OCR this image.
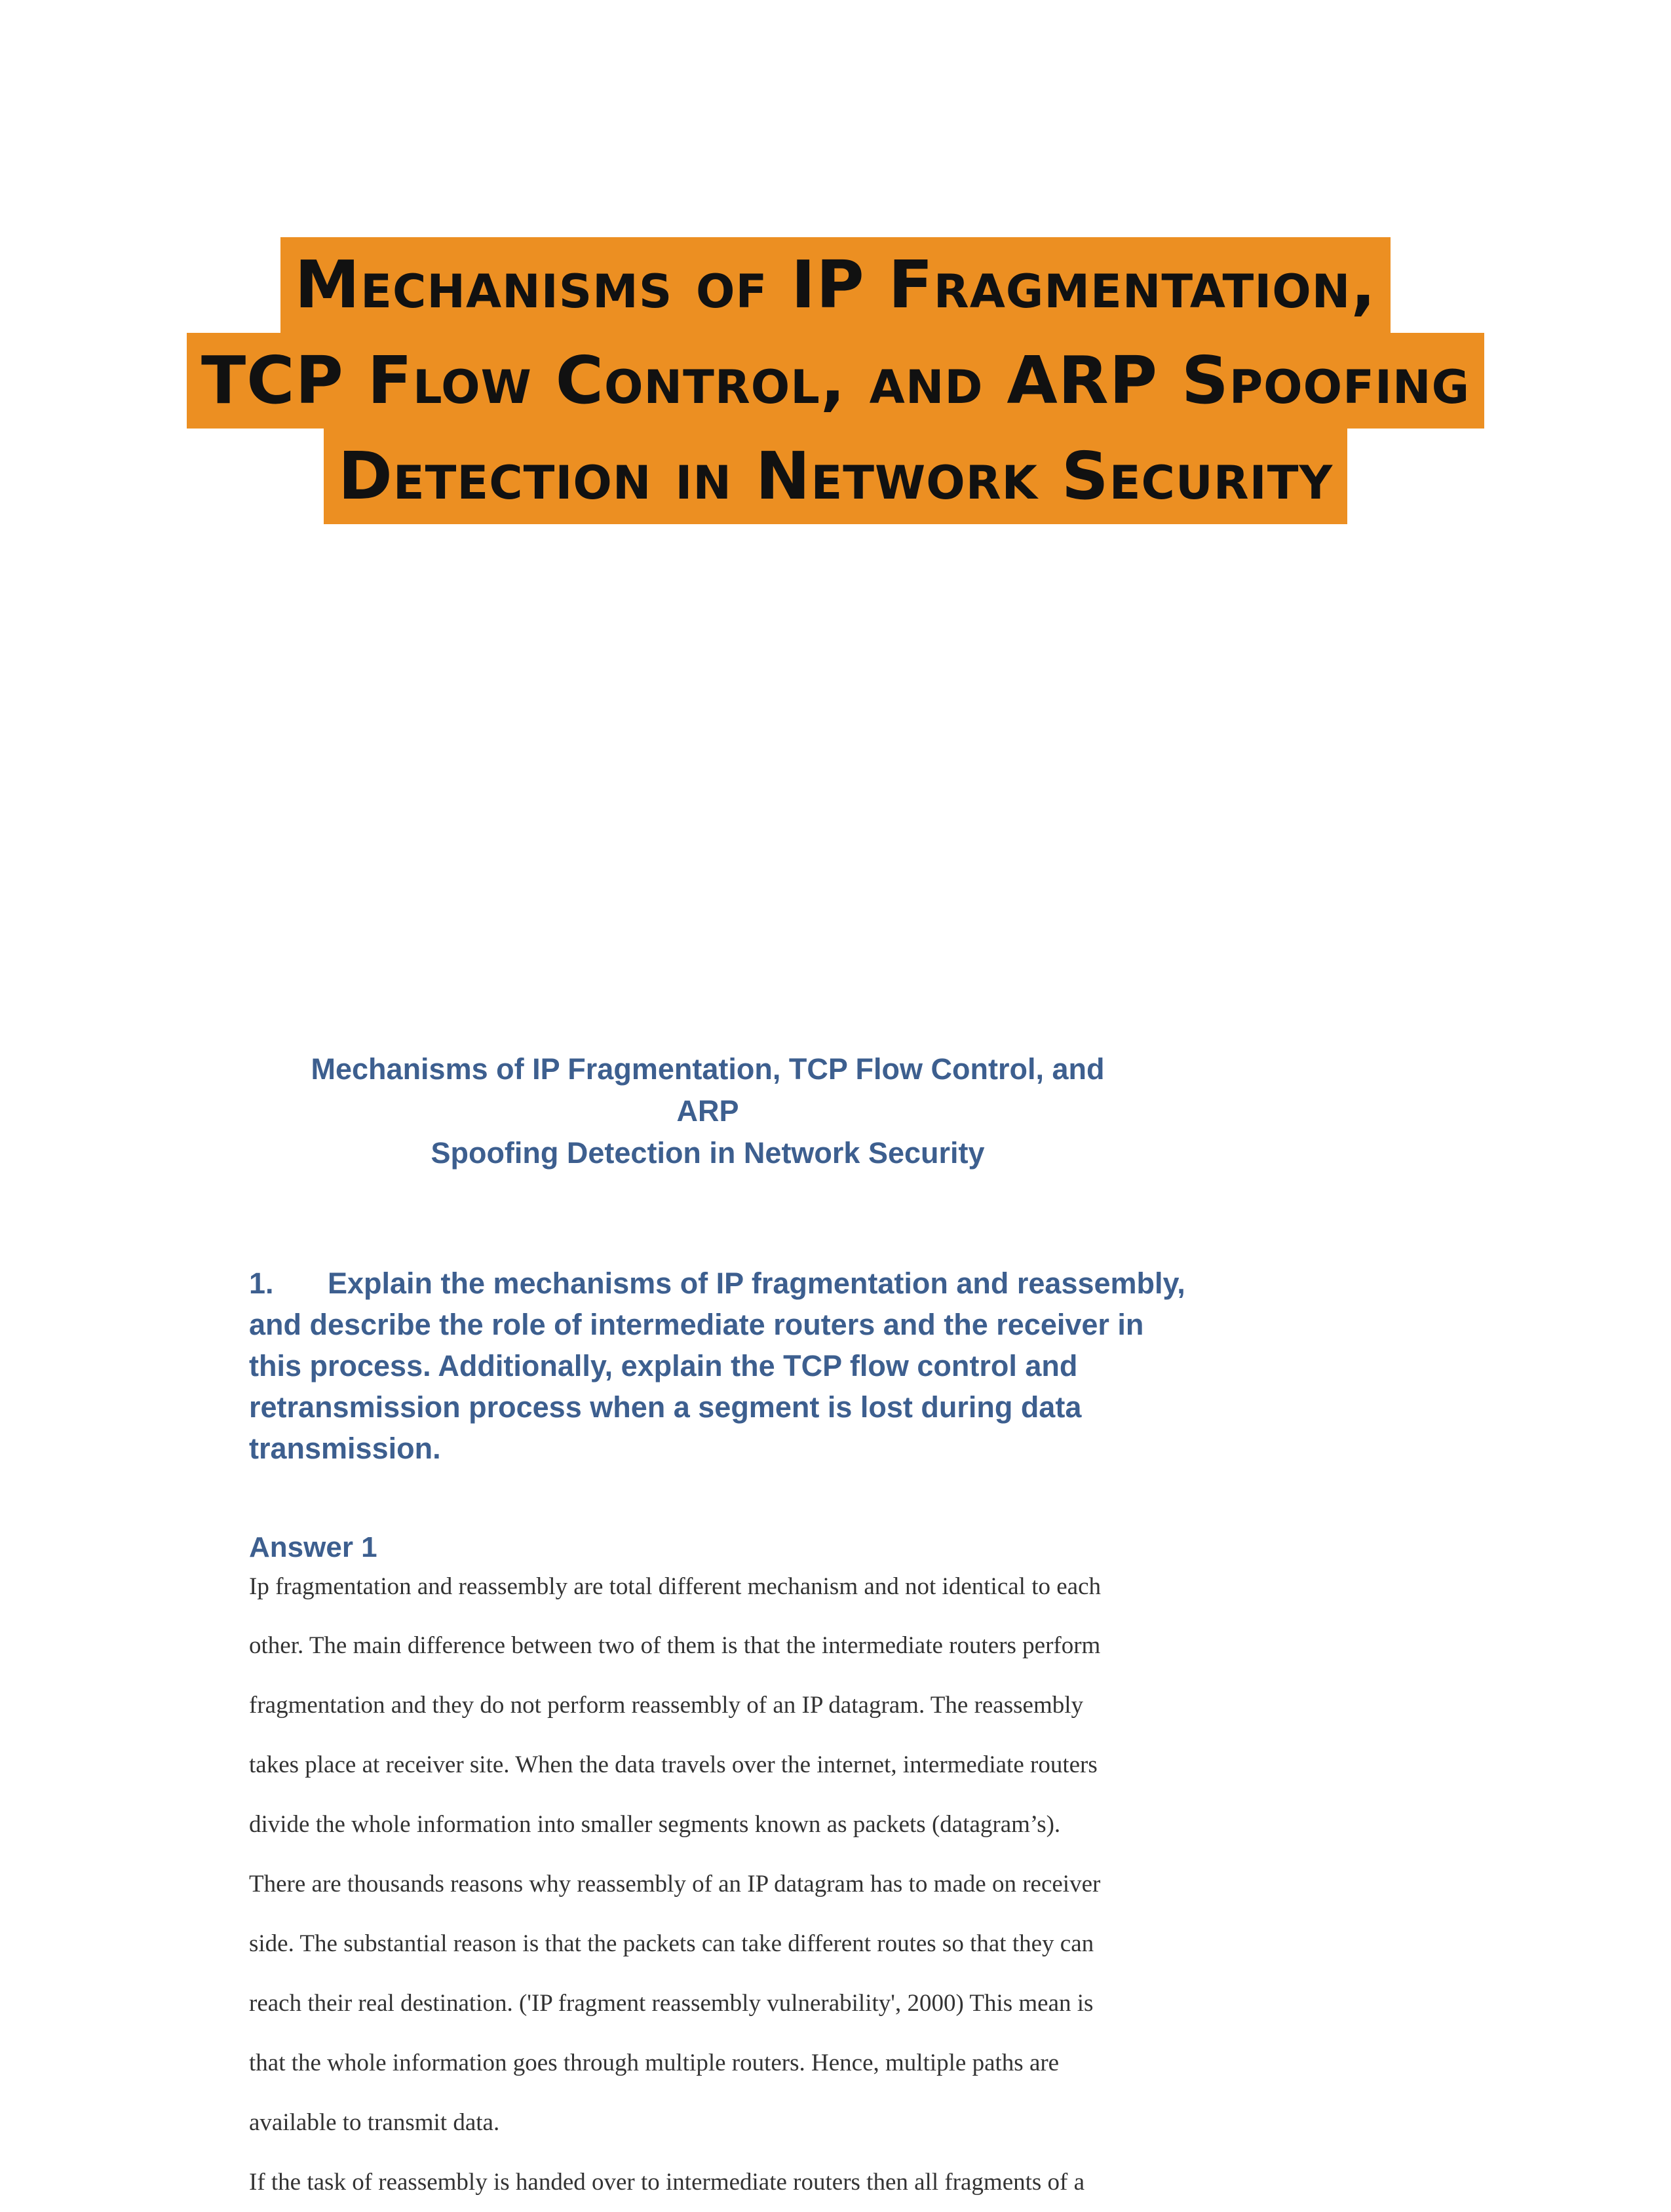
Mechanisms of IP Fragmentation,
TCP Flow Control, and ARP Spoofing
Detection in Network Security
Mechanisms of IP Fragmentation, TCP Flow Control, and ARP
Spoofing Detection in Network Security
1. Explain the mechanisms of IP fragmentation and reassembly,
and describe the role of intermediate routers and the receiver in
this process. Additionally, explain the TCP flow control and
retransmission process when a segment is lost during data
transmission.
Answer 1
Ip fragmentation and reassembly are total different mechanism and not identical to each
other. The main difference between two of them is that the intermediate routers perform
fragmentation and they do not perform reassembly of an IP datagram. The reassembly
takes place at receiver site. When the data travels over the internet, intermediate routers
divide the whole information into smaller segments known as packets (datagram’s).
There are thousands reasons why reassembly of an IP datagram has to made on receiver
side. The substantial reason is that the packets can take different routes so that they can
reach their real destination. ('IP fragment reassembly vulnerability', 2000) This mean is
that the whole information goes through multiple routers. Hence, multiple paths are
available to transmit data.
If the task of reassembly is handed over to intermediate routers then all fragments of a
